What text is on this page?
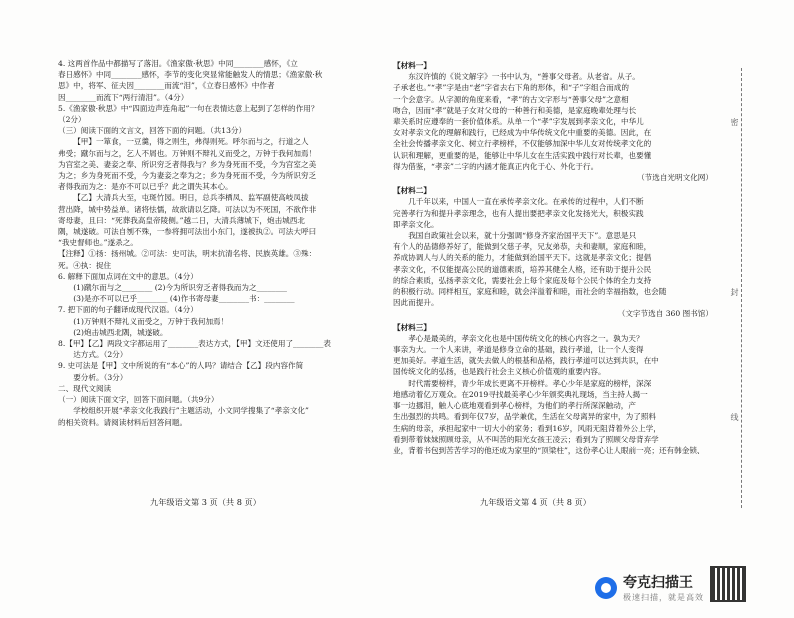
4. 这两首作品中都描写了落泪。《渔家傲·秋思》中同________感怀，《立

春日感怀》中同________感怀，李节的变化突显常能触发人的情思；《渔家傲·秋

思》中，将军、征夫因________而流“泪”，《立春日感怀》中作者

因________而流下“两行清泪”。（4分）

5.《渔家傲·秋思》中“四面边声连角起”一句在表情达意上起到了怎样的作用？

（2分）

（三）阅读下面的文言文，回答下面的问题。（共13分）

【甲】一箪食，一豆羹，得之则生，弗得则死。呼尔而与之，行道之人

弗受；蹴尔而与之，乞人不屑也。万钟则不辩礼义而受之，万钟于我何加焉！

为宫室之美、妻妾之奉、所识穷乏者得我与？乡为身死而不受，今为宫室之美

为之；乡为身死而不受，今为妻妾之奉为之；乡为身死而不受，今为所识穷乏

者得我而为之：是亦不可以已乎？此之谓失其本心。

【乙】大清兵大至，屯斑竹园。明日，总兵李栖凤、监军副使高岐凤拔

营出降，城中势益单。诸将怯懦，故欲请以乞降。可法以为不死国，不欲作非

寄母妻，且曰：“死葬我高皇帝陵侧。”越二日，大清兵薄城下，炮击城西北

隅，城遂破。可法自刎不殊，一参将拥可法出小东门，遂被执②。可法大呼曰

“我史督师也。”遂杀之。

【注释】①扬：扬州城。②可法：史可法，明末抗清名将、民族英雄。③殊：

死。④执：捉住

6. 解释下面加点词在文中的意思。（4分）

(1)蹴尔而与之________ (2)今为所识穷乏者得我而为之________

(3)是亦不可以已乎________ (4)作书寄母妻________书：________

7. 把下面的句子翻译成现代汉语。（4分）

(1)万钟则不辩礼义而受之，万钟于我何加焉！

(2)炮击城西北隅，城遂破。

8.【甲】【乙】两段文字都运用了________表达方式，【甲】文还使用了________表

达方式。（2分）

9. 史可法是【甲】文中所说的有“本心”的人吗？请结合【乙】段内容作简

要分析。（3分）

二、现代文阅读

（一）阅读下面文字，回答下面问题。（共9分）

学校组织开展“孝亲文化我践行”主题活动，小文同学搜集了“孝亲文化”

的相关资料。请阅读材料后回答问题。

【材料一】

东汉许慎的《说文解字》一书中认为，“善事父母者。从老省。从子。

子承老也。”“孝”字是由“老”字省去右下角的形体，和“子”字组合而成的

一个会意字。从字源的角度来看，“孝”的古文字形与“善事父母”之意相

吻合，因而“孝”就是子女对父母的一种善行和美德，是家庭晚辈处理与长

辈关系时应遵奉的一套价值体系。从单一个“孝”字发展到孝亲文化，中华儿

女对孝亲文化的理解和践行，已经成为中华传统文化中重要的美德。因此，在

全社会传播孝亲文化、树立行孝榜样，不仅能够加深中华儿女对传统孝文化的

认识和理解，更重要的是，能够让中华儿女在生活实践中践行对长辈，也要懂

得为借鉴，“孝亲”二字的内涵才能真正内化于心、外化于行。

（节选自光明文化网）

【材料二】

几千年以来，中国人一直在承传孝亲文化。在承传的过程中，人们不断

完善孝行为和提升孝亲理念，也有人提出要把孝亲文化发扬光大，积极实践

即孝亲文化。

我国自政策社会以来，就十分强调“修身齐家治国平天下”。意思是只

有个人的品德修养好了，能做到父慈子孝，兄友弟恭，夫和妻顺，家庭和睦，

养成协调人与人的关系的能力，才能做到治国平天下。这就是孝亲文化；提倡

孝亲文化，不仅能提高公民的道德素质，培养其健全人格，还有助于提升公民

的综合素质，弘扬孝亲文化，需要社会上每个家庭及每个公民个体的全力支持

的积极行动。同样相互，家庭和睦，就会洋溢着和睦，而社会的幸福指数，也会随

因此而提升。

（文字节选自 360 图书馆）

【材料三】

孝心是最美的，孝亲文化也是中国传统文化的核心内容之一。孰为天？

事亲为大。一个人来讲，孝道是修身立命的基础，践行孝道，让一个人变得

更加美好。孝道生活，就失去做人的根基和品格，践行孝道可以达到共识，在中

国传统文化的弘扬，也是践行社会主义核心价值观的重要内容。

时代需要榜样，青少年成长更离不开榜样。孝心少年是家庭的榜样，深深

地感动着亿万观众。在2019寻找最美孝心少年颁奖典礼现场，当主持人揭一

事一边挪泪，触人心底地观看到孝心榜样，为他们的孝行所深深触动，产

生出强烈的共鸣。看到年仅7岁，品学兼优，生活在父母离异的家中，为了照料

生病的母亲，承担起家中一切大小的家务；看到16岁，风雨无阻背着外公上学，

看到带着妹妹照顾母亲，从不叫苦的阳光女孩王凌云；看到为了照顾父母背弃学

业，背着书包到苦苦学习的他还成为家里的“顶梁柱”，这份孝心让人眼前一亮；还有韩金锁、

九年级语文第 3 页（共 8 页）	九年级语文第 4 页（共 8 页）
密
封
线
夸克扫描王
极速扫描，就是高效
